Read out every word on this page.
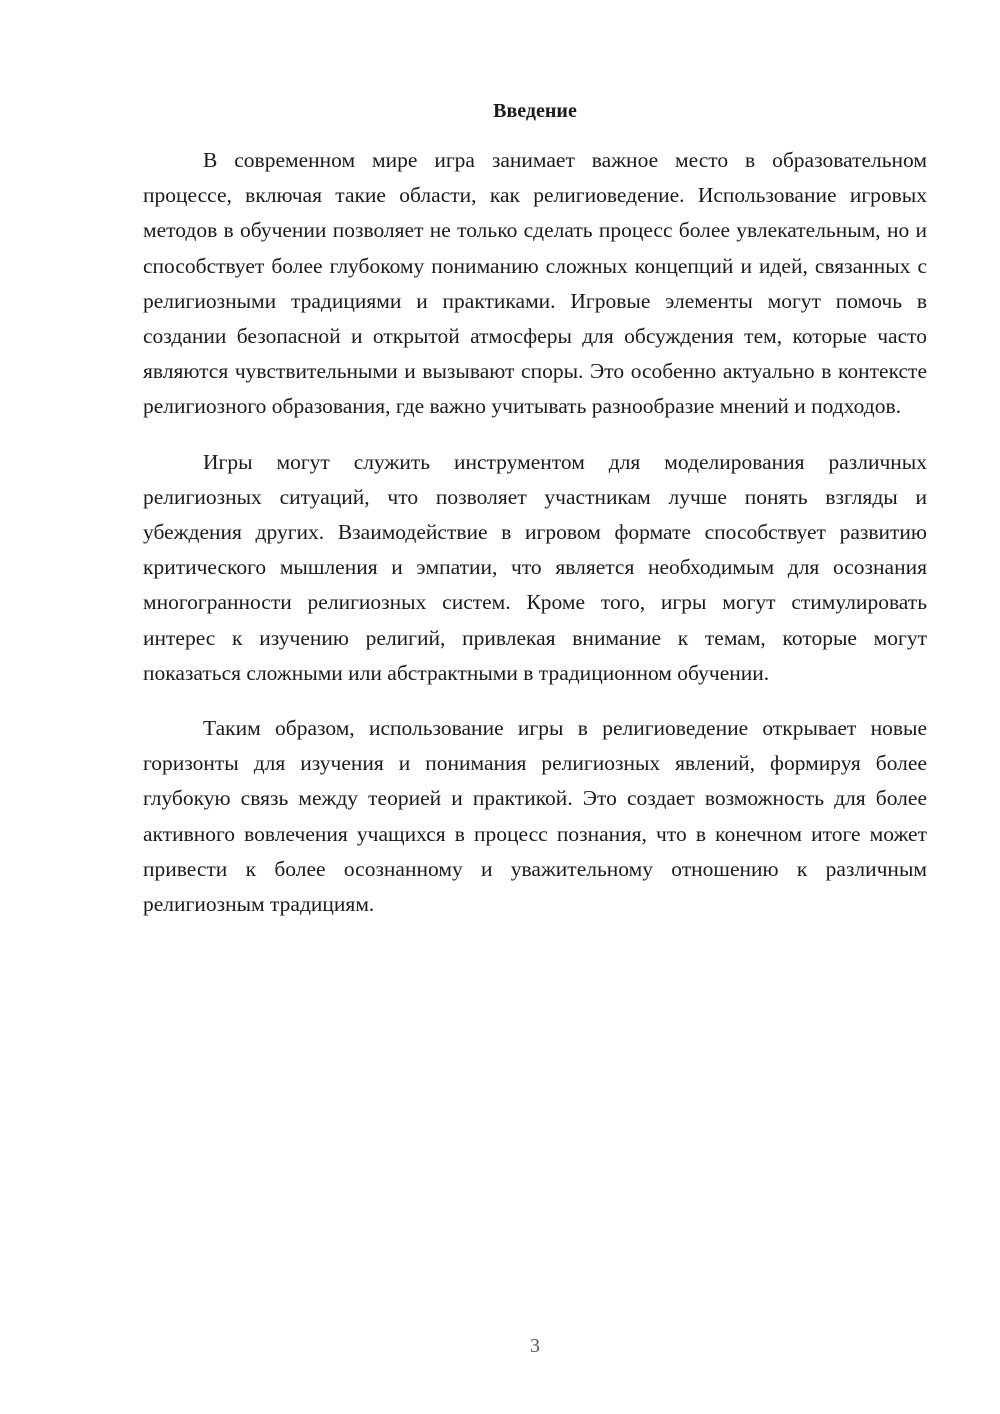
Введение

В современном мире игра занимает важное место в образовательном процессе, включая такие области, как религиоведение. Использование игровых методов в обучении позволяет не только сделать процесс более увлекательным, но и способствует более глубокому пониманию сложных концепций и идей, связанных с религиозными традициями и практиками. Игровые элементы могут помочь в создании безопасной и открытой атмосферы для обсуждения тем, которые часто являются чувствительными и вызывают споры. Это особенно актуально в контексте религиозного образования, где важно учитывать разнообразие мнений и подходов.

Игры могут служить инструментом для моделирования различных религиозных ситуаций, что позволяет участникам лучше понять взгляды и убеждения других. Взаимодействие в игровом формате способствует развитию критического мышления и эмпатии, что является необходимым для осознания многогранности религиозных систем. Кроме того, игры могут стимулировать интерес к изучению религий, привлекая внимание к темам, которые могут показаться сложными или абстрактными в традиционном обучении.

Таким образом, использование игры в религиоведение открывает новые горизонты для изучения и понимания религиозных явлений, формируя более глубокую связь между теорией и практикой. Это создает возможность для более активного вовлечения учащихся в процесс познания, что в конечном итоге может привести к более осознанному и уважительному отношению к различным религиозным традициям.

3
